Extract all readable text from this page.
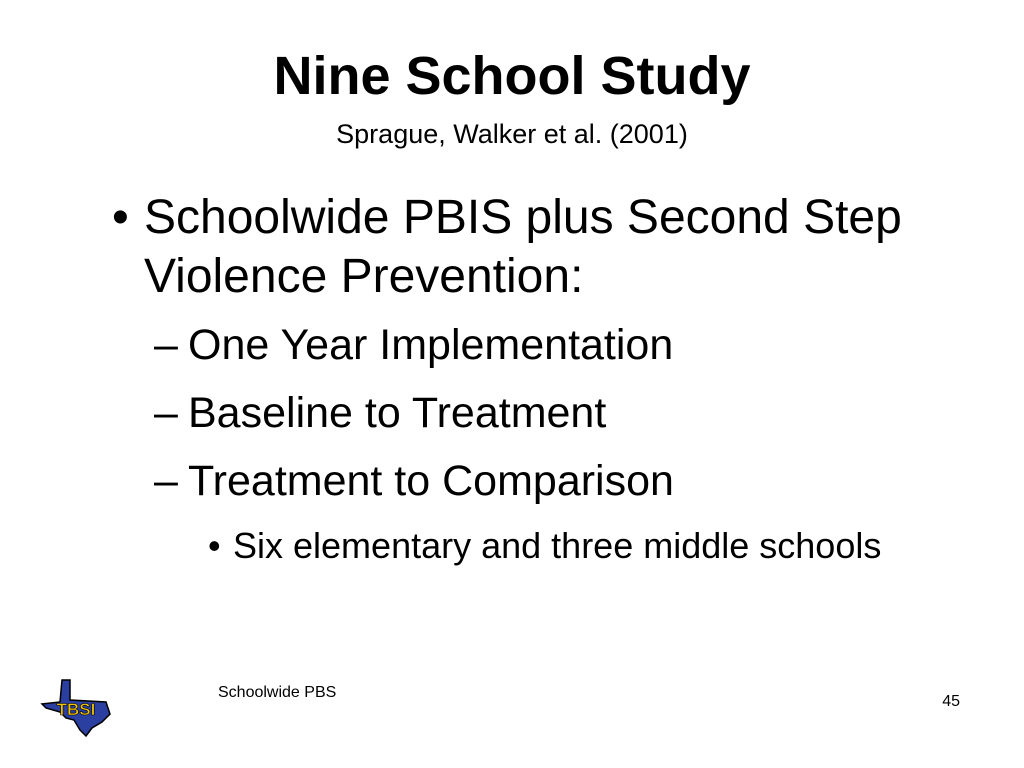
Nine School Study

Sprague, Walker et al. (2001)

• Schoolwide PBIS plus Second Step Violence Prevention:
– One Year Implementation
– Baseline to Treatment
– Treatment to Comparison
• Six elementary and three middle schools
TBSI
Schoolwide PBS
45
